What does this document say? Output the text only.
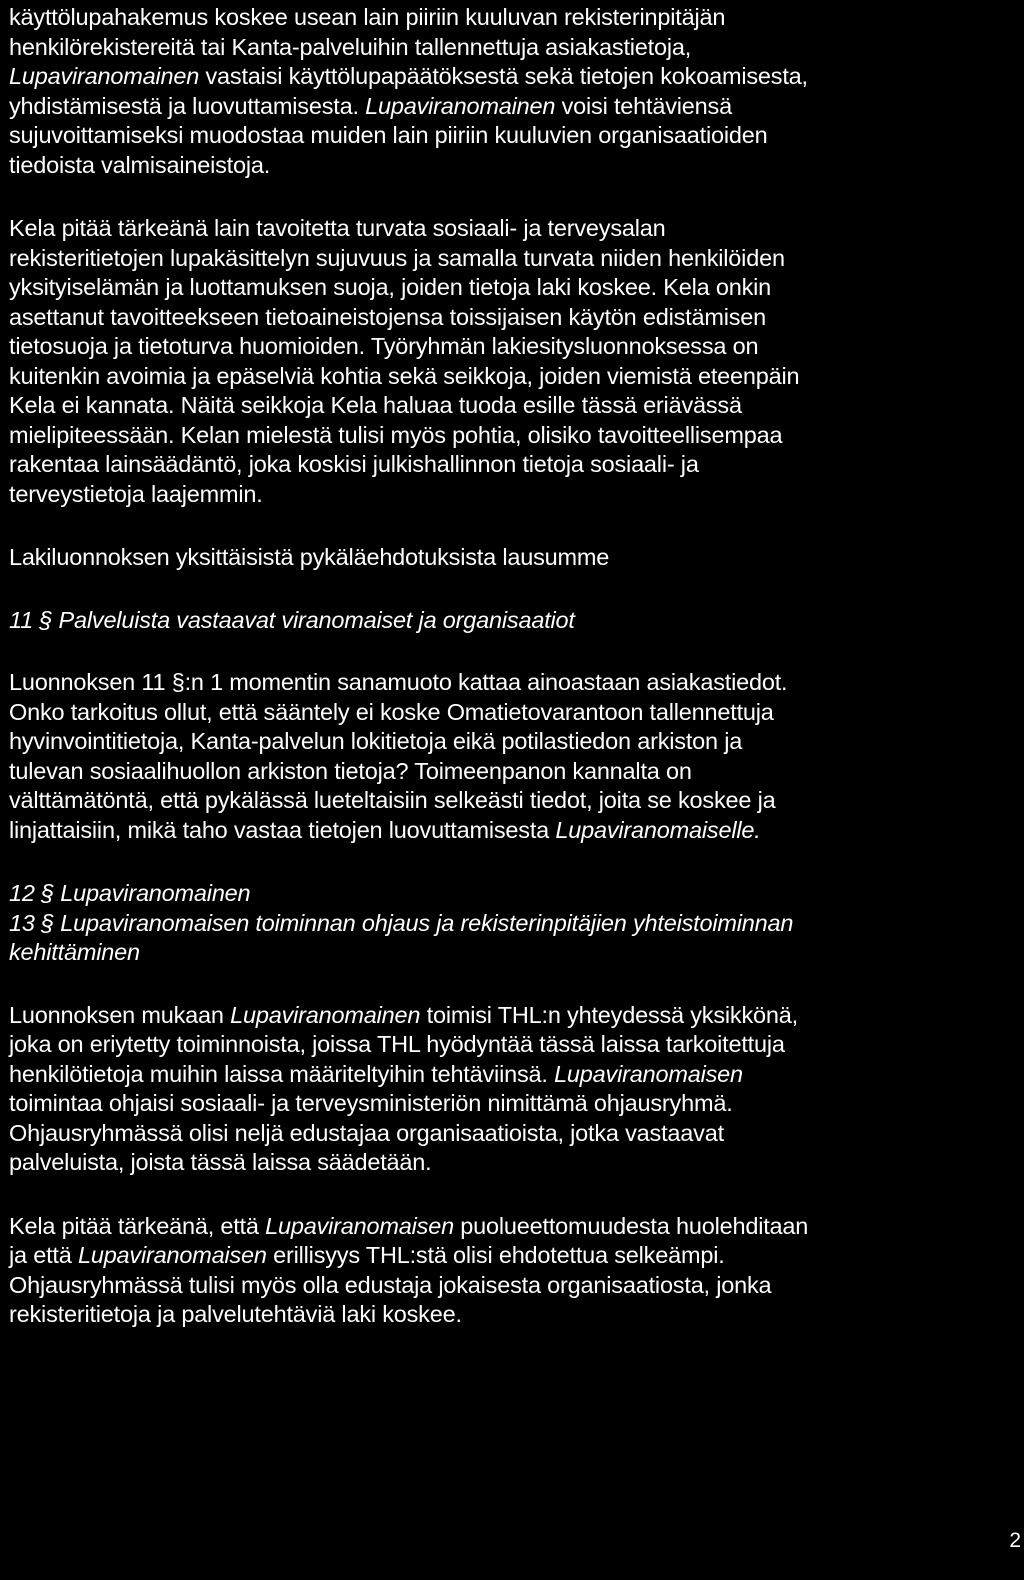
käyttölupahakemus koskee usean lain piiriin kuuluvan rekisterinpitäjän
henkilörekistereitä tai Kanta-palveluihin tallennettuja asiakastietoja,
Lupaviranomainen vastaisi käyttölupapäätöksestä sekä tietojen kokoamisesta,
yhdistämisestä ja luovuttamisesta. Lupaviranomainen voisi tehtäviensä
sujuvoittamiseksi muodostaa muiden lain piiriin kuuluvien organisaatioiden
tiedoista valmisaineistoja.
Kela pitää tärkeänä lain tavoitetta turvata sosiaali- ja terveysalan
rekisteritietojen lupakäsittelyn sujuvuus ja samalla turvata niiden henkilöiden
yksityiselämän ja luottamuksen suoja, joiden tietoja laki koskee. Kela onkin
asettanut tavoitteekseen tietoaineistojensa toissijaisen käytön edistämisen
tietosuoja ja tietoturva huomioiden. Työryhmän lakiesitysluonnoksessa on
kuitenkin avoimia ja epäselviä kohtia sekä seikkoja, joiden viemistä eteenpäin
Kela ei kannata. Näitä seikkoja Kela haluaa tuoda esille tässä eriävässä
mielipiteessään. Kelan mielestä tulisi myös pohtia, olisiko tavoitteellisempaa
rakentaa lainsäädäntö, joka koskisi julkishallinnon tietoja sosiaali- ja
terveystietoja laajemmin.
Lakiluonnoksen yksittäisistä pykäläehdotuksista lausumme
11 § Palveluista vastaavat viranomaiset ja organisaatiot
Luonnoksen 11 §:n 1 momentin sanamuoto kattaa ainoastaan asiakastiedot.
Onko tarkoitus ollut, että sääntely ei koske Omatietovarantoon tallennettuja
hyvinvointitietoja, Kanta-palvelun lokitietoja eikä potilastiedon arkiston ja
tulevan sosiaalihuollon arkiston tietoja? Toimeenpanon kannalta on
välttämätöntä, että pykälässä lueteltaisiin selkeästi tiedot, joita se koskee ja
linjattaisiin, mikä taho vastaa tietojen luovuttamisesta Lupaviranomaiselle.
12 § Lupaviranomainen
13 § Lupaviranomaisen toiminnan ohjaus ja rekisterinpitäjien yhteistoiminnan
kehittäminen
Luonnoksen mukaan Lupaviranomainen toimisi THL:n yhteydessä yksikkönä,
joka on eriytetty toiminnoista, joissa THL hyödyntää tässä laissa tarkoitettuja
henkilötietoja muihin laissa määriteltyihin tehtäviinsä. Lupaviranomaisen
toimintaa ohjaisi sosiaali- ja terveysministeriön nimittämä ohjausryhmä.
Ohjausryhmässä olisi neljä edustajaa organisaatioista, jotka vastaavat
palveluista, joista tässä laissa säädetään.
Kela pitää tärkeänä, että Lupaviranomaisen puolueettomuudesta huolehditaan
ja että Lupaviranomaisen erillisyys THL:stä olisi ehdotettua selkeämpi.
Ohjausryhmässä tulisi myös olla edustaja jokaisesta organisaatiosta, jonka
rekisteritietoja ja palvelutehtäviä laki koskee.
2
